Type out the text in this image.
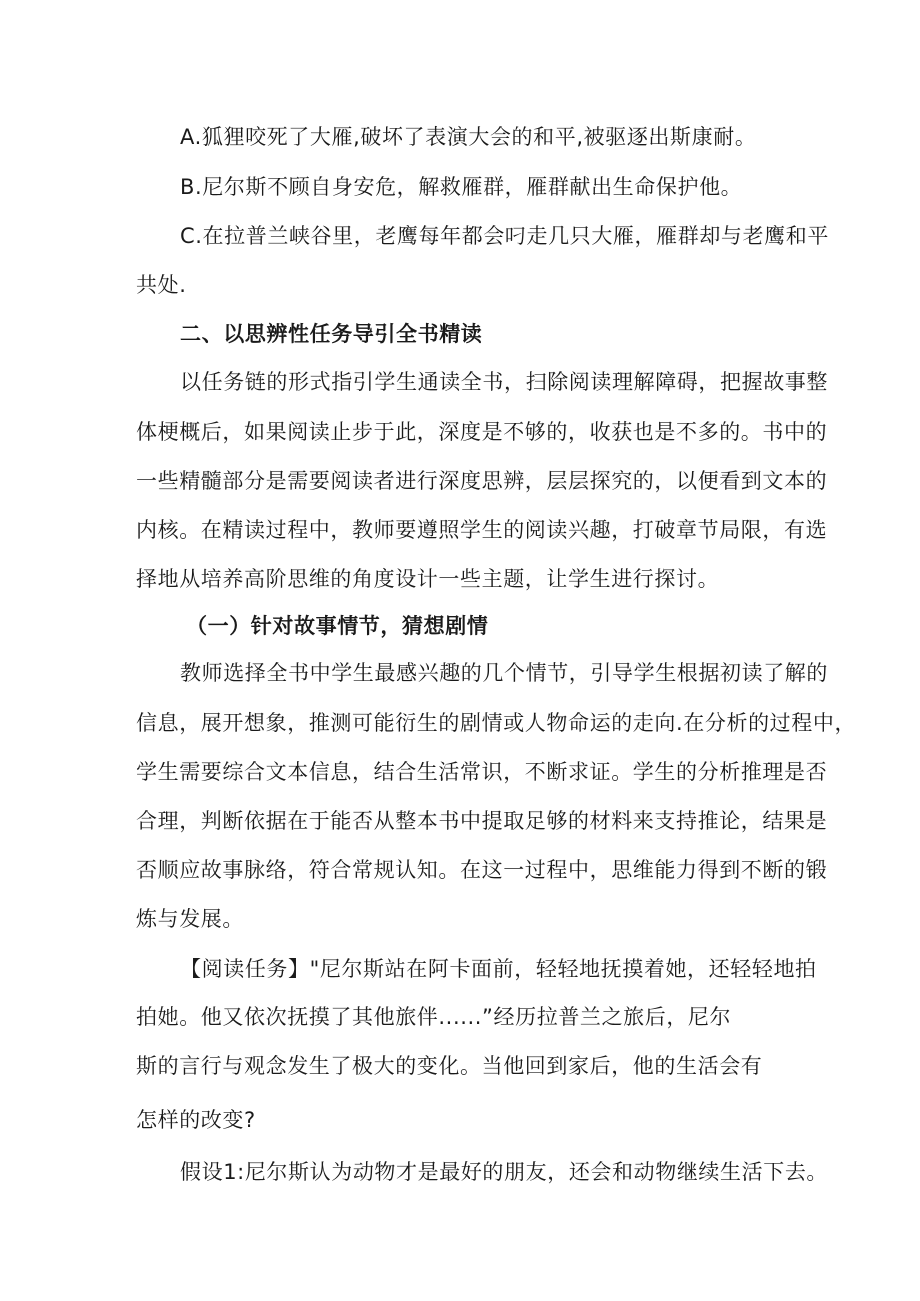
A.狐狸咬死了大雁,破坏了表演大会的和平,被驱逐出斯康耐。
B.尼尔斯不顾自身安危，解救雁群，雁群献出生命保护他。
C.在拉普兰峡谷里，老鹰每年都会叼走几只大雁，雁群却与老鹰和平
共处.
二、以思辨性任务导引全书精读
以任务链的形式指引学生通读全书，扫除阅读理解障碍，把握故事整
体梗概后，如果阅读止步于此，深度是不够的，收获也是不多的。书中的
一些精髓部分是需要阅读者进行深度思辨，层层探究的，以便看到文本的
内核。在精读过程中，教师要遵照学生的阅读兴趣，打破章节局限，有选
择地从培养高阶思维的角度设计一些主题，让学生进行探讨。
（一）针对故事情节，猜想剧情
教师选择全书中学生最感兴趣的几个情节，引导学生根据初读了解的
信息，展开想象，推测可能衍生的剧情或人物命运的走向.在分析的过程中，
学生需要综合文本信息，结合生活常识，不断求证。学生的分析推理是否
合理，判断依据在于能否从整本书中提取足够的材料来支持推论，结果是
否顺应故事脉络，符合常规认知。在这一过程中，思维能力得到不断的锻
炼与发展。
【阅读任务】"尼尔斯站在阿卡面前，轻轻地抚摸着她，还轻轻地拍
拍她。他又依次抚摸了其他旅伴......”经历拉普兰之旅后，尼尔
斯的言行与观念发生了极大的变化。当他回到家后，他的生活会有
怎样的改变?
假设1:尼尔斯认为动物才是最好的朋友，还会和动物继续生活下去。
